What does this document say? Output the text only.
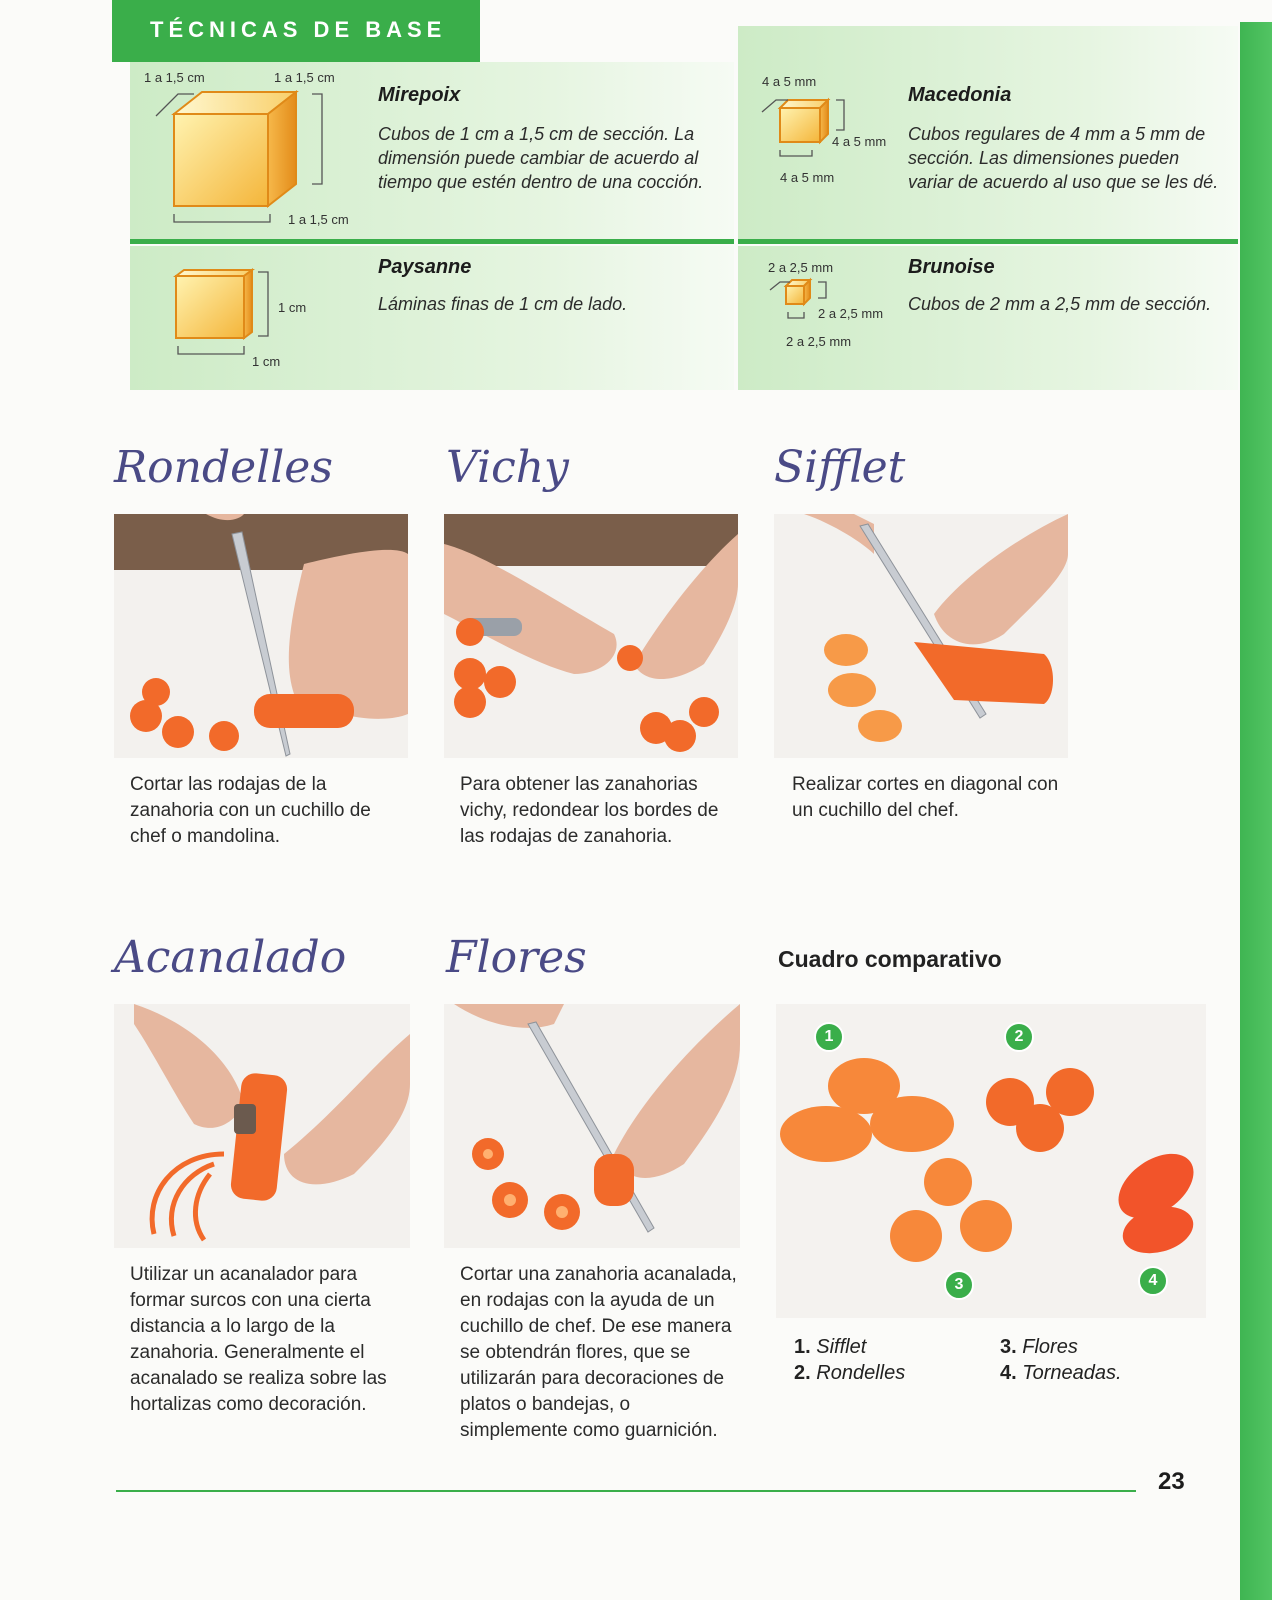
TÉCNICAS DE BASE
1 a 1,5 cm	1 a 1,5 cm
1 a 1,5 cm
Mirepoix
Cubos de 1 cm a 1,5 cm de sección. La dimensión puede cambiar de acuerdo al tiempo que estén dentro de una cocción.
1 cm
1 cm
Paysanne
Láminas finas de 1 cm de lado.
4 a 5 mm
4 a 5 mm
4 a 5 mm
Macedonia
Cubos regulares de 4 mm a 5 mm de sección. Las dimensiones pueden variar de acuerdo al uso que se les dé.
2 a 2,5 mm
2 a 2,5 mm
2 a 2,5 mm
Brunoise
Cubos de 2 mm a 2,5 mm de sección.
Rondelles	Vichy	Sifflet
Cortar las rodajas de la zanahoria con un cuchillo de chef o mandolina.
Para obtener las zanahorias vichy, redondear los bordes de las rodajas de zanahoria.
Realizar cortes en diagonal con un cuchillo del chef.
Acanalado Flores	Cuadro comparativo
Utilizar un acanalador para formar surcos con una cierta distancia a lo largo de la zanahoria. Generalmente el acanalado se realiza sobre las hortalizas como decoración.
Cortar una zanahoria acanalada, en rodajas con la ayuda de un cuchillo de chef. De ese manera se obtendrán flores, que se utilizarán para decoraciones de platos o bandejas, o simplemente como guarnición.
1	2
3	4
1. Sifflet
2. Rondelles
3. Flores
4. Torneadas.
23
